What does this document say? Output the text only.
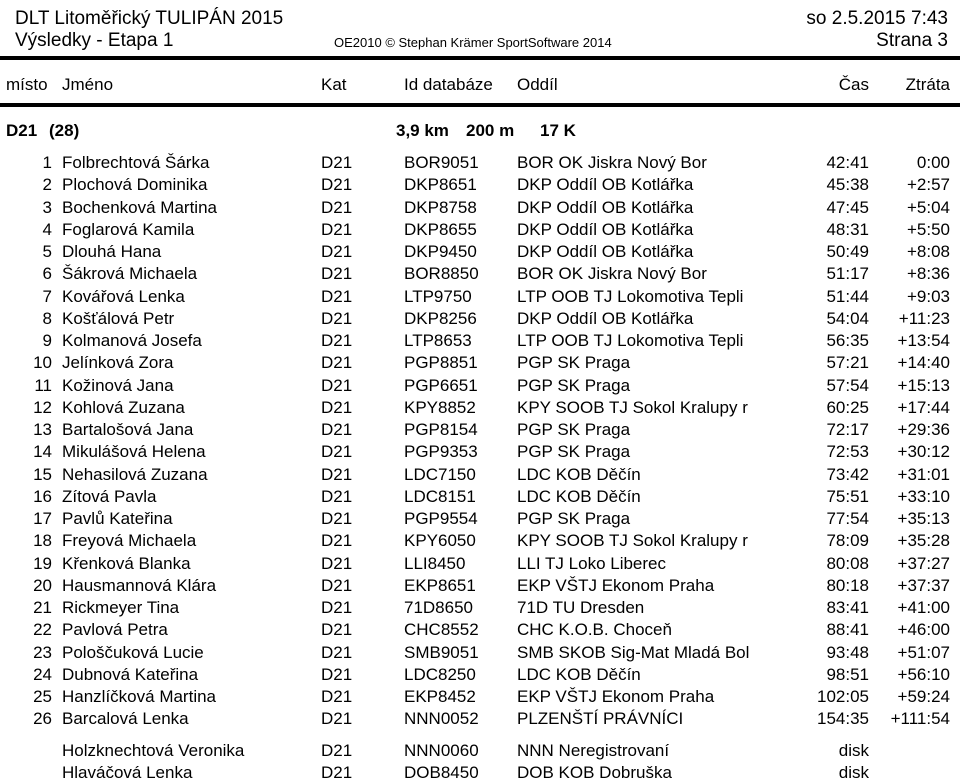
DLT Litoměřický TULIPÁN 2015	so 2.5.2015 7:43
Výsledky - Etapa 1	OE2010 © Stephan Krämer SportSoftware 2014	Strana 3
místo Jméno	Kat	Id databáze Oddíl	Čas	Ztráta
D21 (28)	3,9 km 200 m 17 K
1 Folbrechtová Šárka	D21	BOR9051 BOR OK Jiskra Nový Bor	42:41	0:00
2 Plochová Dominika	D21	DKP8651 DKP Oddíl OB Kotlářka	45:38	+2:57
3 Bochenková Martina	D21	DKP8758 DKP Oddíl OB Kotlářka	47:45	+5:04
4 Foglarová Kamila	D21	DKP8655 DKP Oddíl OB Kotlářka	48:31	+5:50
5 Dlouhá Hana	D21	DKP9450 DKP Oddíl OB Kotlářka	50:49	+8:08
6 Šákrová Michaela	D21	BOR8850 BOR OK Jiskra Nový Bor	51:17	+8:36
7 Kovářová Lenka	D21	LTP9750	LTP OOB TJ Lokomotiva Tepli	51:44	+9:03
8 Košťálová Petr	D21	DKP8256 DKP Oddíl OB Kotlářka	54:04	+11:23
9 Kolmanová Josefa	D21	LTP8653	LTP OOB TJ Lokomotiva Tepli	56:35	+13:54
10 Jelínková Zora	D21	PGP8851 PGP SK Praga	57:21	+14:40
11 Kožinová Jana	D21	PGP6651 PGP SK Praga	57:54	+15:13
12 Kohlová Zuzana	D21	KPY8852 KPY SOOB TJ Sokol Kralupy r	60:25	+17:44
13 Bartalošová Jana	D21	PGP8154 PGP SK Praga	72:17	+29:36
14 Mikulášová Helena	D21	PGP9353 PGP SK Praga	72:53	+30:12
15 Nehasilová Zuzana	D21	LDC7150 LDC KOB Děčín	73:42	+31:01
16 Zítová Pavla	D21	LDC8151 LDC KOB Děčín	75:51	+33:10
17 Pavlů Kateřina	D21	PGP9554 PGP SK Praga	77:54	+35:13
18 Freyová Michaela	D21	KPY6050 KPY SOOB TJ Sokol Kralupy r	78:09	+35:28
19 Křenková Blanka	D21	LLI8450	LLI TJ Loko Liberec	80:08	+37:27
20 Hausmannová Klára	D21	EKP8651 EKP VŠTJ Ekonom Praha	80:18	+37:37
21 Rickmeyer Tina	D21	71D8650	71D TU Dresden	83:41	+41:00
22 Pavlová Petra	D21	CHC8552 CHC K.O.B. Choceň	88:41	+46:00
23 Pološčuková Lucie	D21	SMB9051 SMB SKOB Sig-Mat Mladá Bol	93:48	+51:07
24 Dubnová Kateřina	D21	LDC8250 LDC KOB Děčín	98:51	+56:10
25 Hanzlíčková Martina	D21	EKP8452 EKP VŠTJ Ekonom Praha	102:05	+59:24
26 Barcalová Lenka	D21	NNN0052 PLZENŠTÍ PRÁVNÍCI	154:35	+111:54
Holzknechtová Veronika	D21	NNN0060 NNN Neregistrovaní	disk
Hlaváčová Lenka	D21	DOB8450 DOB KOB Dobruška	disk
